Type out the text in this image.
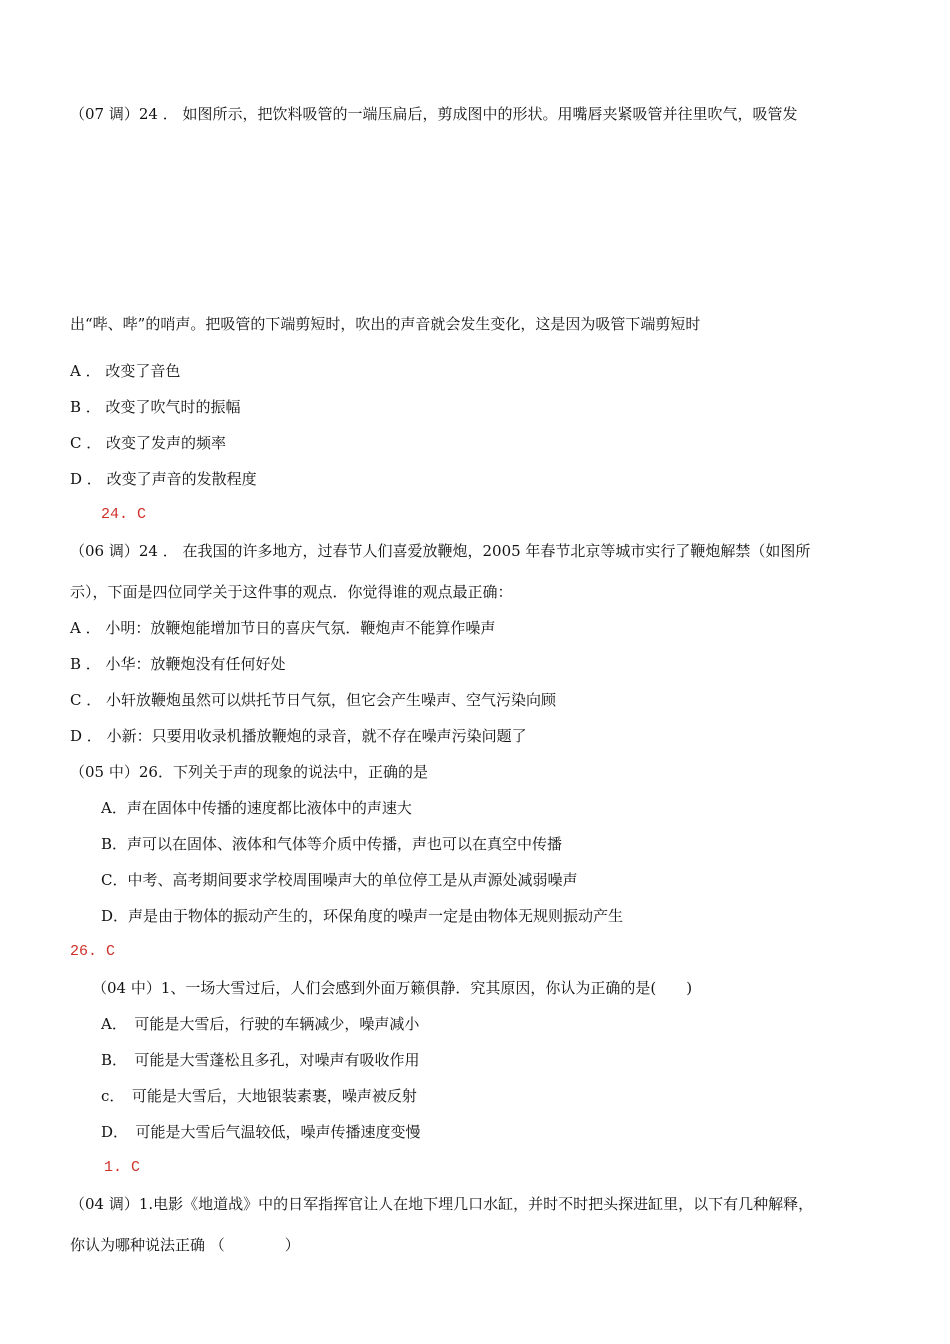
（07 调）24 ． 如图所示，把饮料吸管的一端压扁后，剪成图中的形状。用嘴唇夹紧吸管并往里吹气，吸管发
出“哔、哔”的哨声。把吸管的下端剪短时，吹出的声音就会发生变化，这是因为吸管下端剪短时
A ． 改变了音色
B ． 改变了吹气时的振幅
C ． 改变了发声的频率
D ． 改变了声音的发散程度
24. C
（06 调）24 ． 在我国的许多地方，过春节人们喜爱放鞭炮，2005 年春节北京等城市实行了鞭炮解禁（如图所
示），下面是四位同学关于这件事的观点．你觉得谁的观点最正确：
A ． 小明：放鞭炮能增加节日的喜庆气氛．鞭炮声不能算作噪声
B ． 小华：放鞭炮没有任何好处
C ． 小轩放鞭炮虽然可以烘托节日气氛，但它会产生噪声、空气污染向顾
D ． 小新：只要用收录机播放鞭炮的录音，就不存在噪声污染问题了
（05 中）26．下列关于声的现象的说法中，正确的是
A．声在固体中传播的速度都比液体中的声速大
B．声可以在固体、液体和气体等介质中传播，声也可以在真空中传播
C．中考、高考期间要求学校周围噪声大的单位停工是从声源处减弱噪声
D．声是由于物体的振动产生的，环保角度的噪声一定是由物体无规则振动产生
26. C
（04 中）1、一场大雪过后，人们会感到外面万籁俱静．究其原因，你认为正确的是(　　)
A．　可能是大雪后，行驶的车辆减少，噪声减小
B．　可能是大雪蓬松且多孔，对噪声有吸收作用
c．　可能是大雪后，大地银装素裹，噪声被反射
D．　可能是大雪后气温较低，噪声传播速度变慢
1. C
（04 调）1.电影《地道战》中的日军指挥官让人在地下埋几口水缸，并时不时把头探进缸里，以下有几种解释，
你认为哪种说法正确 （　　　　）
